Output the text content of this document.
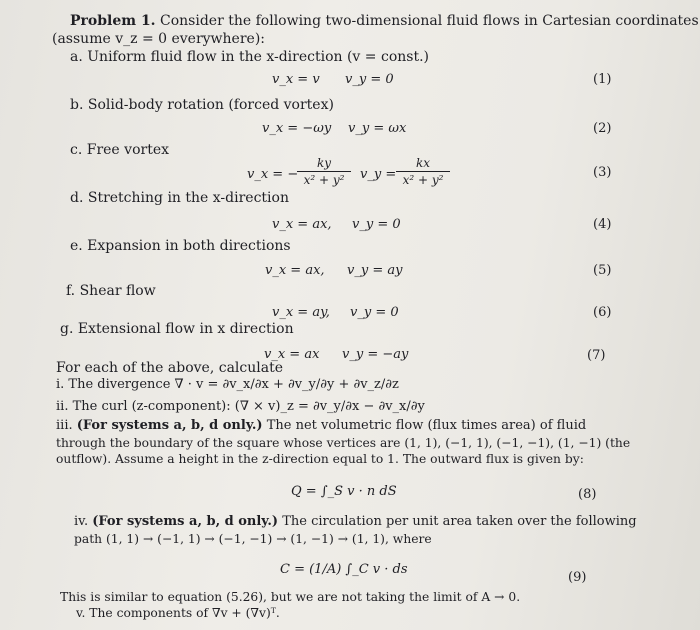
Problem 1. Consider the following two-dimensional fluid flows in Cartesian coordinates
(assume v_z = 0 everywhere):
a. Uniform fluid flow in the x-direction (v = const.)
v_x = v v_y = 0	(1)
b. Solid-body rotation (forced vortex)
v_x = −ωy v_y = ωx	(2)
c. Free vortex
v_x = −
$\frac{ky}{\text{x² + y²}}$ v_y = $\frac{kx}{\text{x² + y²}}$	(3)
d. Stretching in the x-direction
v_x = ax, v_y = 0	(4)
e. Expansion in both directions
v_x = ax, v_y = ay	(5)
f. Shear flow
v_x = ay, v_y = 0	(6)
g. Extensional flow in x direction
v_x = ax v_y = −ay	(7)
For each of the above, calculate
i. The divergence ∇ · v = ∂v_x/∂x + ∂v_y/∂y + ∂v_z/∂z
ii. The curl (z-component): (∇ × v)_z = ∂v_y/∂x − ∂v_x/∂y
iii. (For systems a, b, d only.) The net volumetric flow (flux times area) of fluid
through the boundary of the square whose vertices are (1, 1), (−1, 1), (−1, −1), (1, −1) (the
outflow). Assume a height in the z-direction equal to 1. The outward flux is given by:
Q = ∫_S v · n dS	(8)
iv. (For systems a, b, d only.) The circulation per unit area taken over the following
path (1, 1) → (−1, 1) → (−1, −1) → (1, −1) → (1, 1), where
C = (1/A) ∫_C v · ds
(9)
This is similar to equation (5.26), but we are not taking the limit of A → 0.
v. The components of ∇v + (∇v)ᵀ.
